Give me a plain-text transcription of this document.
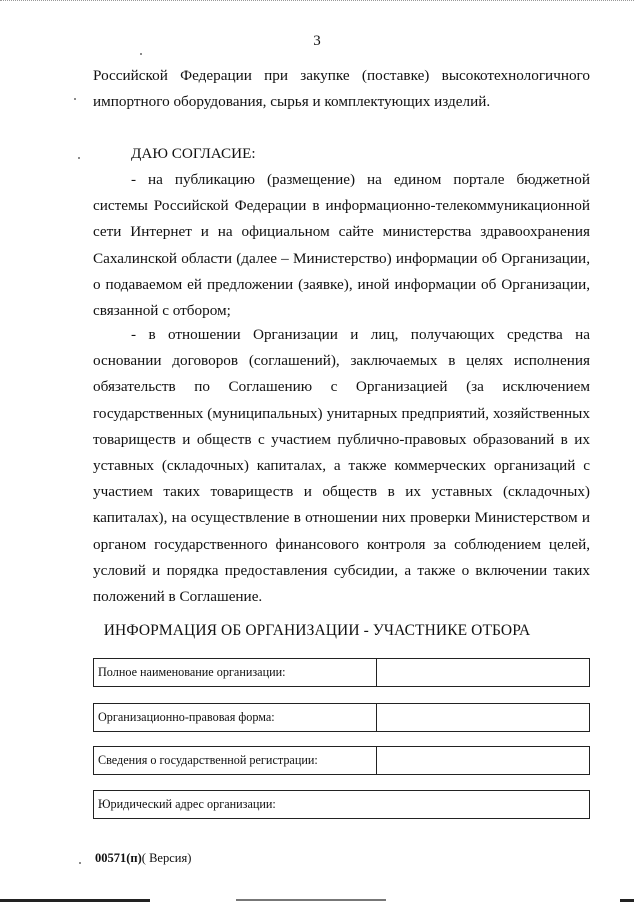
3

Российской Федерации при закупке (поставке) высокотехнологичного импортного оборудования, сырья и комплектующих изделий.

ДАЮ СОГЛАСИЕ:

- на публикацию (размещение) на едином портале бюджетной системы Российской Федерации в информационно-телекоммуникационной сети Интернет и на официальном сайте министерства здравоохранения Сахалинской области (далее – Министерство) информации об Организации, о подаваемом ей предложении (заявке), иной информации об Организации, связанной с отбором;

- в отношении Организации и лиц, получающих средства на основании договоров (соглашений), заключаемых в целях исполнения обязательств по Соглашению с Организацией (за исключением государственных (муниципальных) унитарных предприятий, хозяйственных товариществ и обществ с участием публично-правовых образований в их уставных (складочных) капиталах, а также коммерческих организаций с участием таких товариществ и обществ в их уставных (складочных) капиталах), на осуществление в отношении них проверки Министерством и органом государственного финансового контроля за соблюдением целей, условий и порядка предоставления субсидии, а также о включении таких положений в Соглашение.

ИНФОРМАЦИЯ ОБ ОРГАНИЗАЦИИ - УЧАСТНИКЕ ОТБОРА
Полное наименование организации:
Организационно-правовая форма:
Сведения о государственной регистрации:
Юридический адрес организации:
00571(п)( Версия)
